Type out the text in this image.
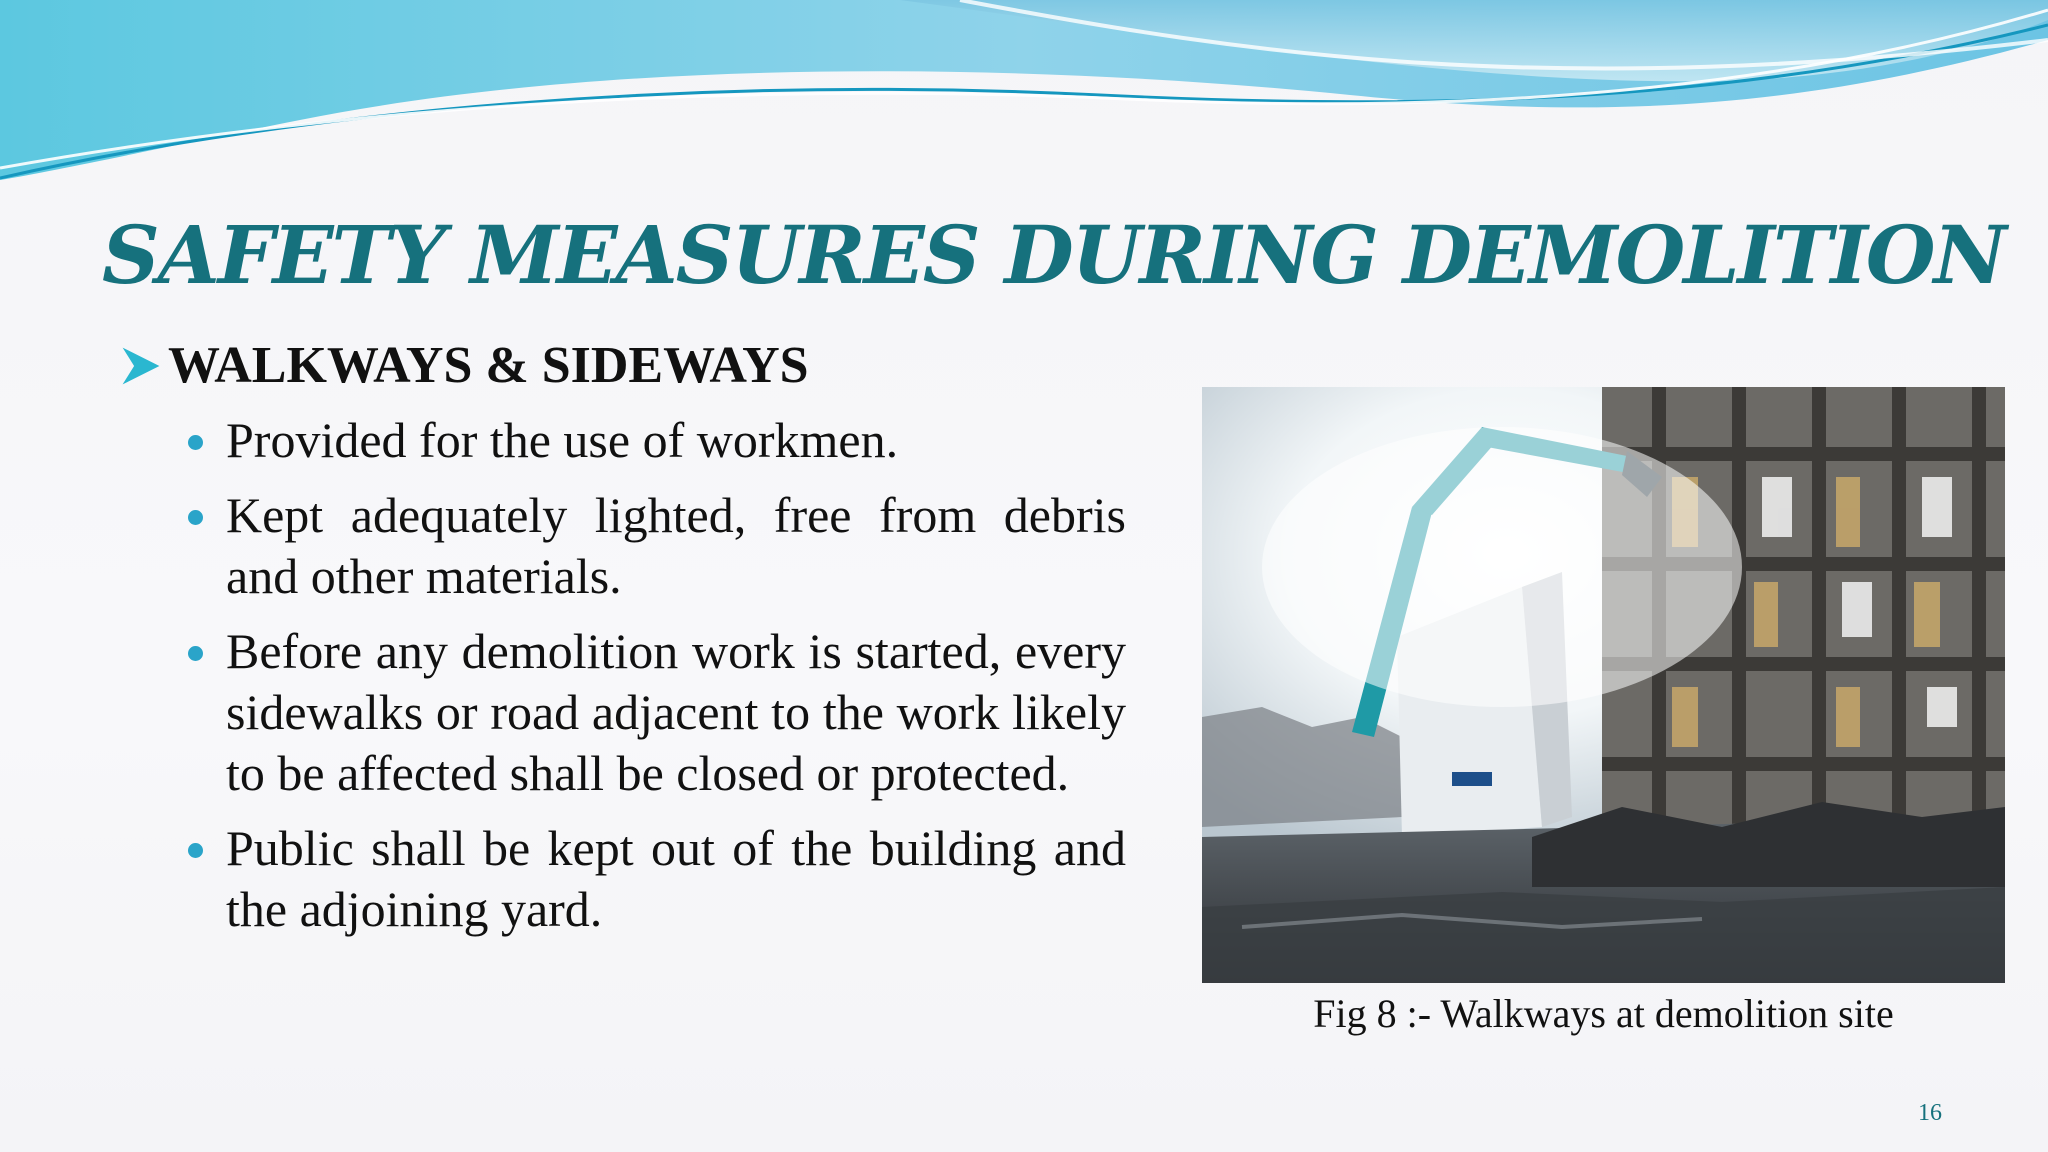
SAFETY MEASURES DURING DEMOLITION
WALKWAYS & SIDEWAYS
Provided for the use of workmen.
Kept adequately lighted, free from debris and other materials.
Before any demolition work is started, every sidewalks or road adjacent to the work likely to be affected shall be closed or protected.
Public shall be kept out of the building and the adjoining yard.
Fig 8 :- Walkways at demolition site
16
